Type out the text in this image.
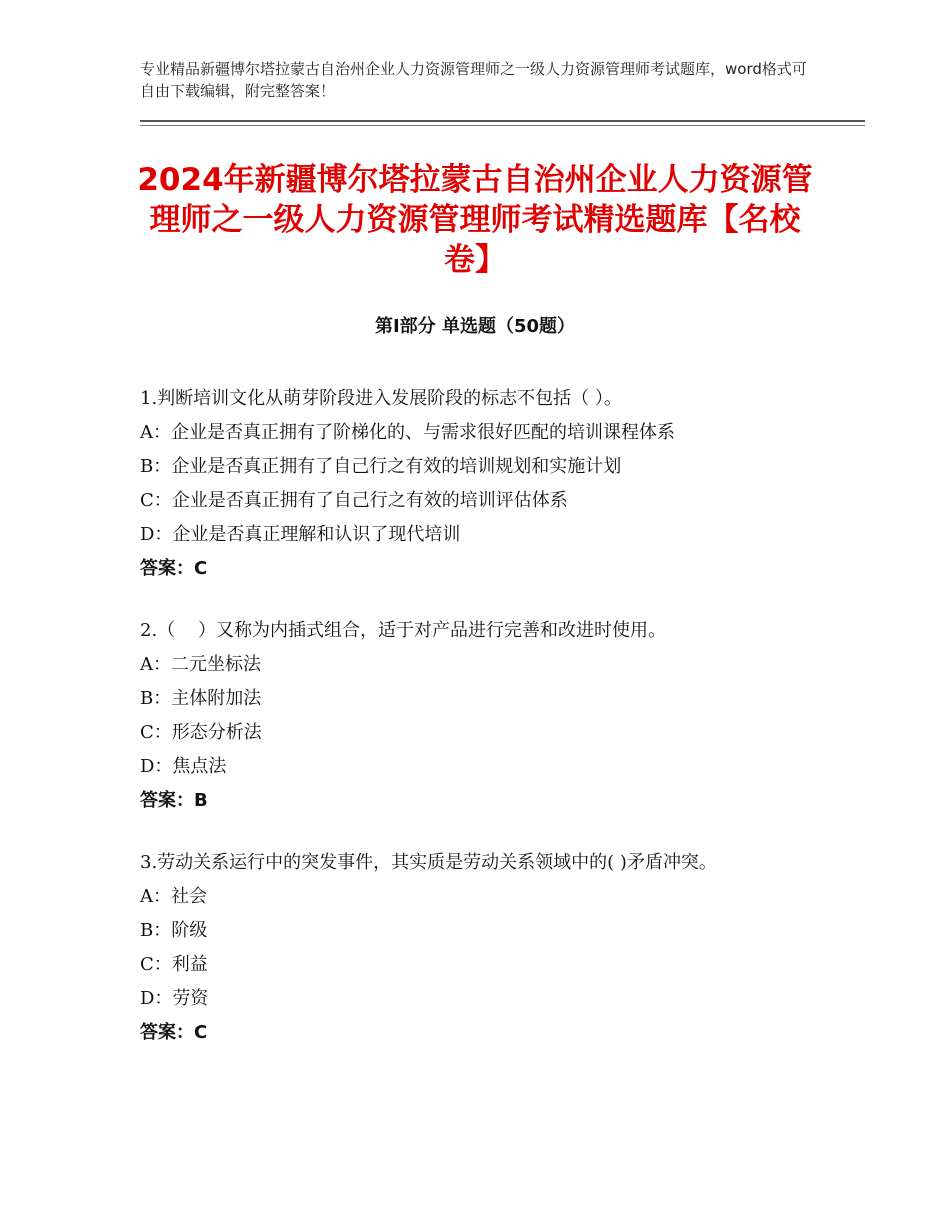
专业精品新疆博尔塔拉蒙古自治州企业人力资源管理师之一级人力资源管理师考试题库，word格式可自由下载编辑，附完整答案！
2024年新疆博尔塔拉蒙古自治州企业人力资源管理师之一级人力资源管理师考试精选题库【名校卷】
第Ⅰ部分 单选题（50题）
1.判断培训文化从萌芽阶段进入发展阶段的标志不包括（ ）。
A：企业是否真正拥有了阶梯化的、与需求很好匹配的培训课程体系
B：企业是否真正拥有了自己行之有效的培训规划和实施计划
C：企业是否真正拥有了自己行之有效的培训评估体系
D：企业是否真正理解和认识了现代培训
答案：C
2.（    ）又称为内插式组合，适于对产品进行完善和改进时使用。
A：二元坐标法
B：主体附加法
C：形态分析法
D：焦点法
答案：B
3.劳动关系运行中的突发事件，其实质是劳动关系领域中的( )矛盾冲突。
A：社会
B：阶级
C：利益
D：劳资
答案：C
